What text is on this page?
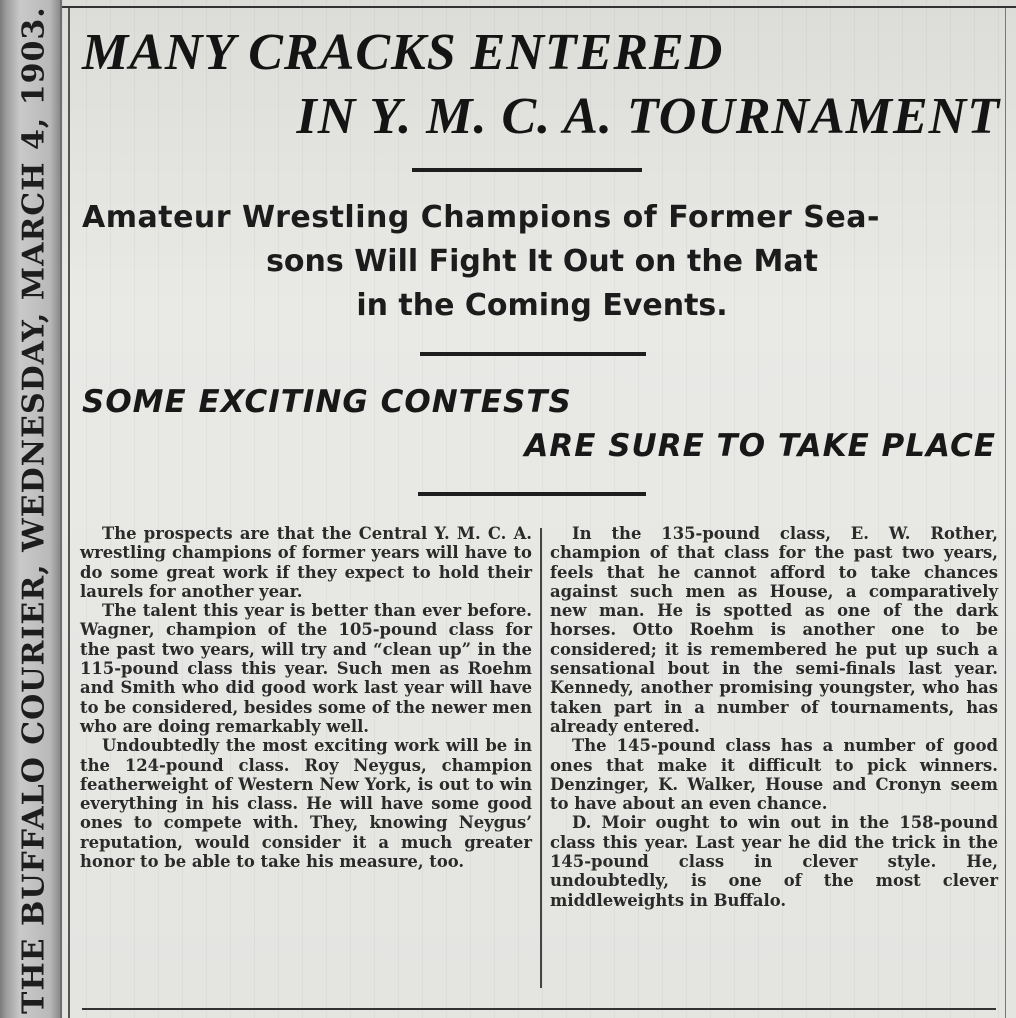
THE BUFFALO COURIER, WEDNESDAY, MARCH 4, 1903. MANY CRACKS ENTERED
IN Y. M. C. A. TOURNAMENT
Amateur Wrestling Champions of Former Sea-
sons Will Fight It Out on the Mat
in the Coming Events.
SOME EXCITING CONTESTS
ARE SURE TO TAKE PLACE

The prospects are that the Central Y. M. C. A. wrestling champions of former years will have to do some great work if they expect to hold their laurels for another year.

The talent this year is better than ever before. Wagner, champion of the 105-pound class for the past two years, will try and “clean up” in the 115-pound class this year. Such men as Roehm and Smith who did good work last year will have to be considered, besides some of the newer men who are doing remarkably well.

Undoubtedly the most exciting work will be in the 124-pound class. Roy Neygus, champion featherweight of Western New York, is out to win everything in his class. He will have some good ones to compete with. They, knowing Neygus’ reputation, would consider it a much greater honor to be able to take his measure, too.

In the 135-pound class, E. W. Rother, champion of that class for the past two years, feels that he cannot afford to take chances against such men as House, a comparatively new man. He is spotted as one of the dark horses. Otto Roehm is another one to be considered; it is remembered he put up such a sensational bout in the semi-finals last year. Kennedy, another promising youngster, who has taken part in a number of tournaments, has already entered.

The 145-pound class has a number of good ones that make it difficult to pick winners. Denzinger, K. Walker, House and Cronyn seem to have about an even chance.

D. Moir ought to win out in the 158-pound class this year. Last year he did the trick in the 145-pound class in clever style. He, undoubtedly, is one of the most clever middleweights in Buffalo.
